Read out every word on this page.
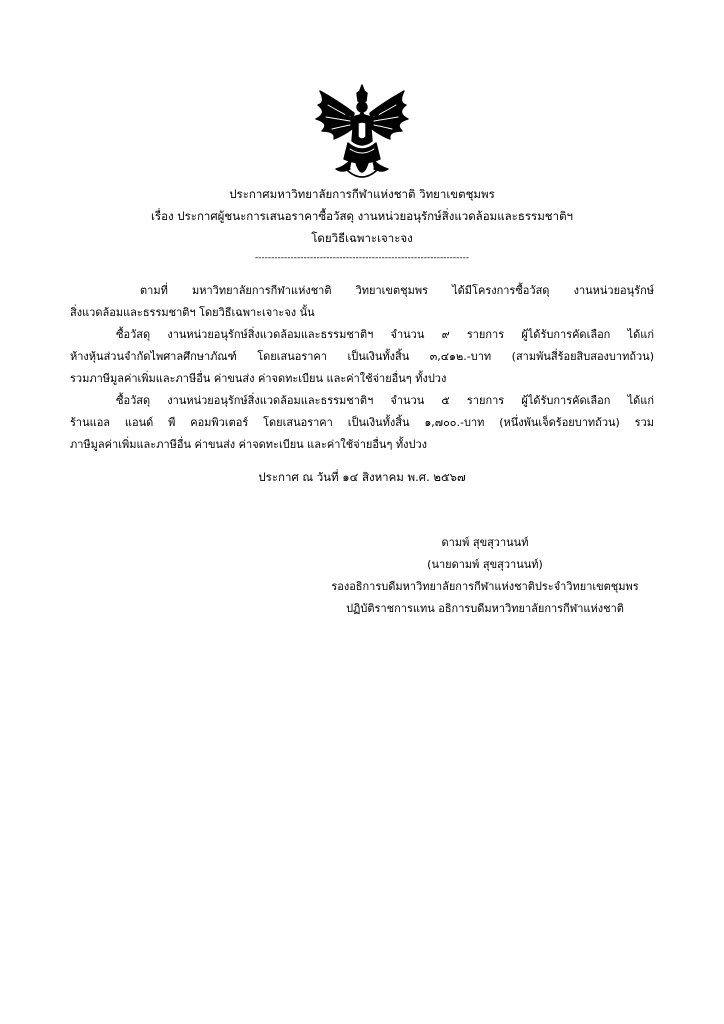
ประกาศมหาวิทยาลัยการกีฬาแห่งชาติ วิทยาเขตชุมพร
เรื่อง ประกาศผู้ชนะการเสนอราคาซื้อวัสดุ งานหน่วยอนุรักษ์สิ่งแวดล้อมและธรรมชาติฯ
โดยวิธีเฉพาะเจาะจง
------------------------------------------------------------------
ตามที่ มหาวิทยาลัยการกีฬาแห่งชาติ วิทยาเขตชุมพร ได้มีโครงการซื้อวัสดุ งานหน่วยอนุรักษ์
สิ่งแวดล้อมและธรรมชาติฯ โดยวิธีเฉพาะเจาะจง นั้น
ซื้อวัสดุ งานหน่วยอนุรักษ์สิ่งแวดล้อมและธรรมชาติฯ จำนวน ๙ รายการ ผู้ได้รับการคัดเลือก ได้แก่
ห้างหุ้นส่วนจำกัดไพศาลศึกษาภัณฑ์ โดยเสนอราคา เป็นเงินทั้งสิ้น ๓,๔๑๒.-บาท (สามพันสี่ร้อยสิบสองบาทถ้วน)
รวมภาษีมูลค่าเพิ่มและภาษีอื่น ค่าขนส่ง ค่าจดทะเบียน และค่าใช้จ่ายอื่นๆ ทั้งปวง
ซื้อวัสดุ งานหน่วยอนุรักษ์สิ่งแวดล้อมและธรรมชาติฯ จำนวน ๕ รายการ ผู้ได้รับการคัดเลือก ได้แก่
ร้านแอล แอนด์ พี คอมพิวเตอร์ โดยเสนอราคา เป็นเงินทั้งสิ้น ๑,๗๐๐.-บาท (หนึ่งพันเจ็ดร้อยบาทถ้วน) รวม
ภาษีมูลค่าเพิ่มและภาษีอื่น ค่าขนส่ง ค่าจดทะเบียน และค่าใช้จ่ายอื่นๆ ทั้งปวง
ประกาศ ณ วันที่ ๑๔ สิงหาคม พ.ศ. ๒๕๖๗
ดามพ์ สุขสุวานนท์
(นายดามพ์ สุขสุวานนท์)
รองอธิการบดีมหาวิทยาลัยการกีฬาแห่งชาติประจำวิทยาเขตชุมพร
ปฏิบัติราชการแทน อธิการบดีมหาวิทยาลัยการกีฬาแห่งชาติ
